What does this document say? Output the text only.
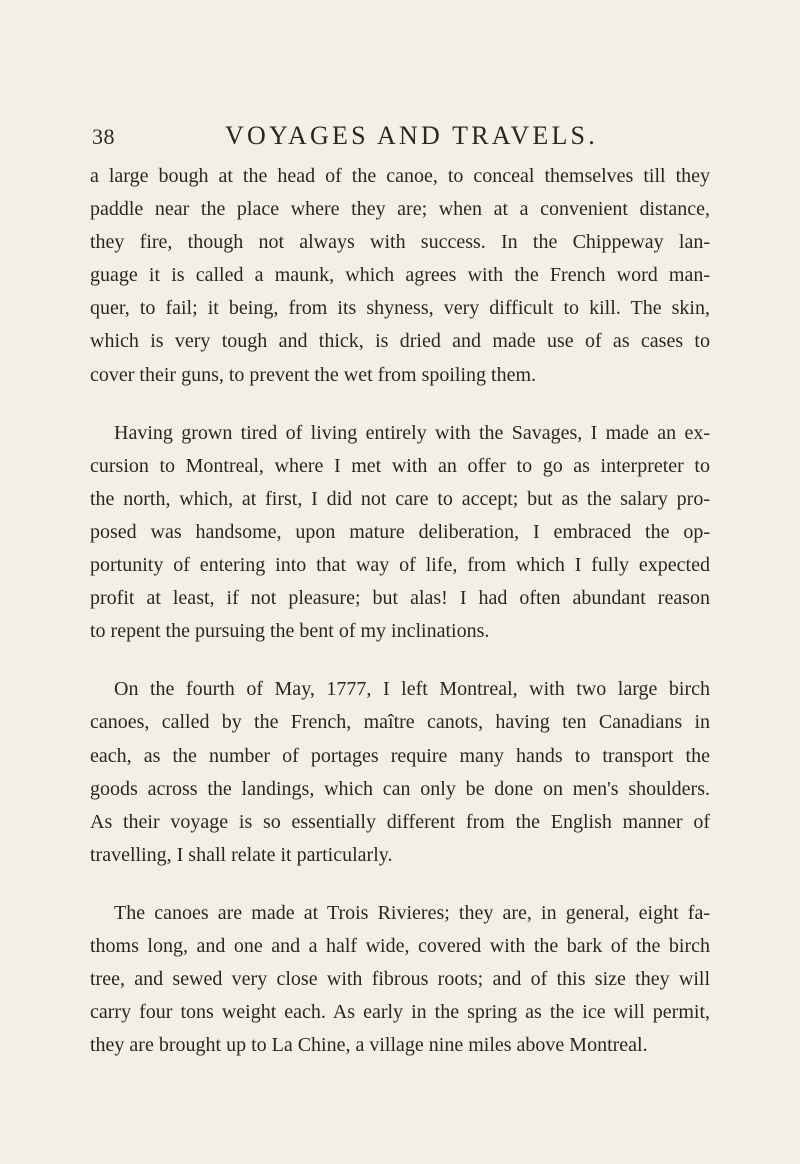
38	VOYAGES AND TRAVELS.
a large bough at the head of the canoe, to conceal themselves till they
paddle near the place where they are; when at a convenient distance,
they fire, though not always with success. In the Chippeway lan-
guage it is called a maunk, which agrees with the French word man-
quer, to fail; it being, from its shyness, very difficult to kill. The skin,
which is very tough and thick, is dried and made use of as cases to
cover their guns, to prevent the wet from spoiling them.
Having grown tired of living entirely with the Savages, I made an ex-
cursion to Montreal, where I met with an offer to go as interpreter to
the north, which, at first, I did not care to accept; but as the salary pro-
posed was handsome, upon mature deliberation, I embraced the op-
portunity of entering into that way of life, from which I fully expected
profit at least, if not pleasure; but alas! I had often abundant reason
to repent the pursuing the bent of my inclinations.
On the fourth of May, 1777, I left Montreal, with two large birch
canoes, called by the French, maître canots, having ten Canadians in
each, as the number of portages require many hands to transport the
goods across the landings, which can only be done on men's shoulders.
As their voyage is so essentially different from the English manner of
travelling, I shall relate it particularly.
The canoes are made at Trois Rivieres; they are, in general, eight fa-
thoms long, and one and a half wide, covered with the bark of the birch
tree, and sewed very close with fibrous roots; and of this size they will
carry four tons weight each. As early in the spring as the ice will permit,
they are brought up to La Chine, a village nine miles above Montreal.
